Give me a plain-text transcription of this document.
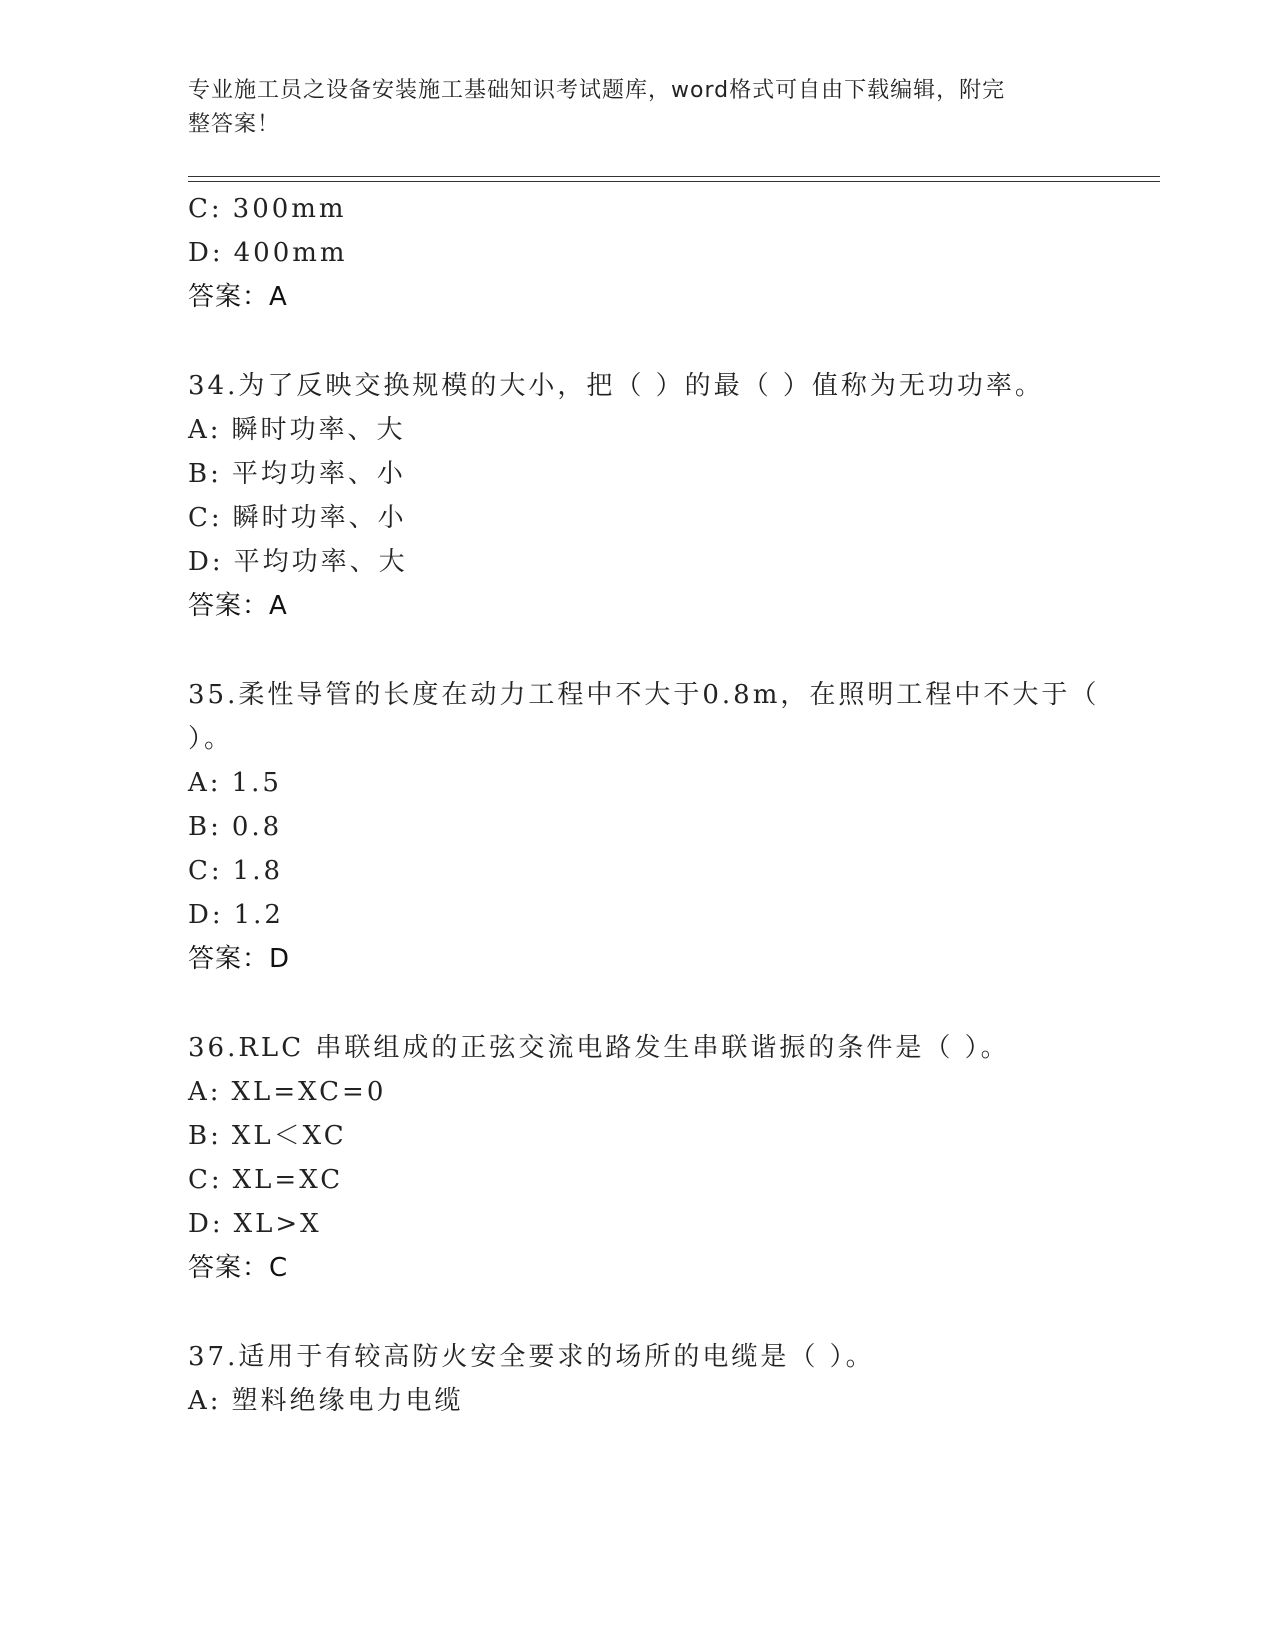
专业施工员之设备安装施工基础知识考试题库，word格式可自由下载编辑，附完
整答案！
C: 300mm
D: 400mm
答案：A
34.为了反映交换规模的大小，把（ ）的最（ ）值称为无功功率。
A: 瞬时功率、大
B: 平均功率、小
C: 瞬时功率、小
D: 平均功率、大
答案：A
35.柔性导管的长度在动力工程中不大于0.8m，在照明工程中不大于（
）。
A: 1.5
B: 0.8
C: 1.8
D: 1.2
答案：D
36.RLC 串联组成的正弦交流电路发生串联谐振的条件是（ ）。
A: XL=XC=0
B: XL＜XC
C: XL=XC
D: XL>X
答案：C
37.适用于有较高防火安全要求的场所的电缆是（ ）。
A: 塑料绝缘电力电缆
